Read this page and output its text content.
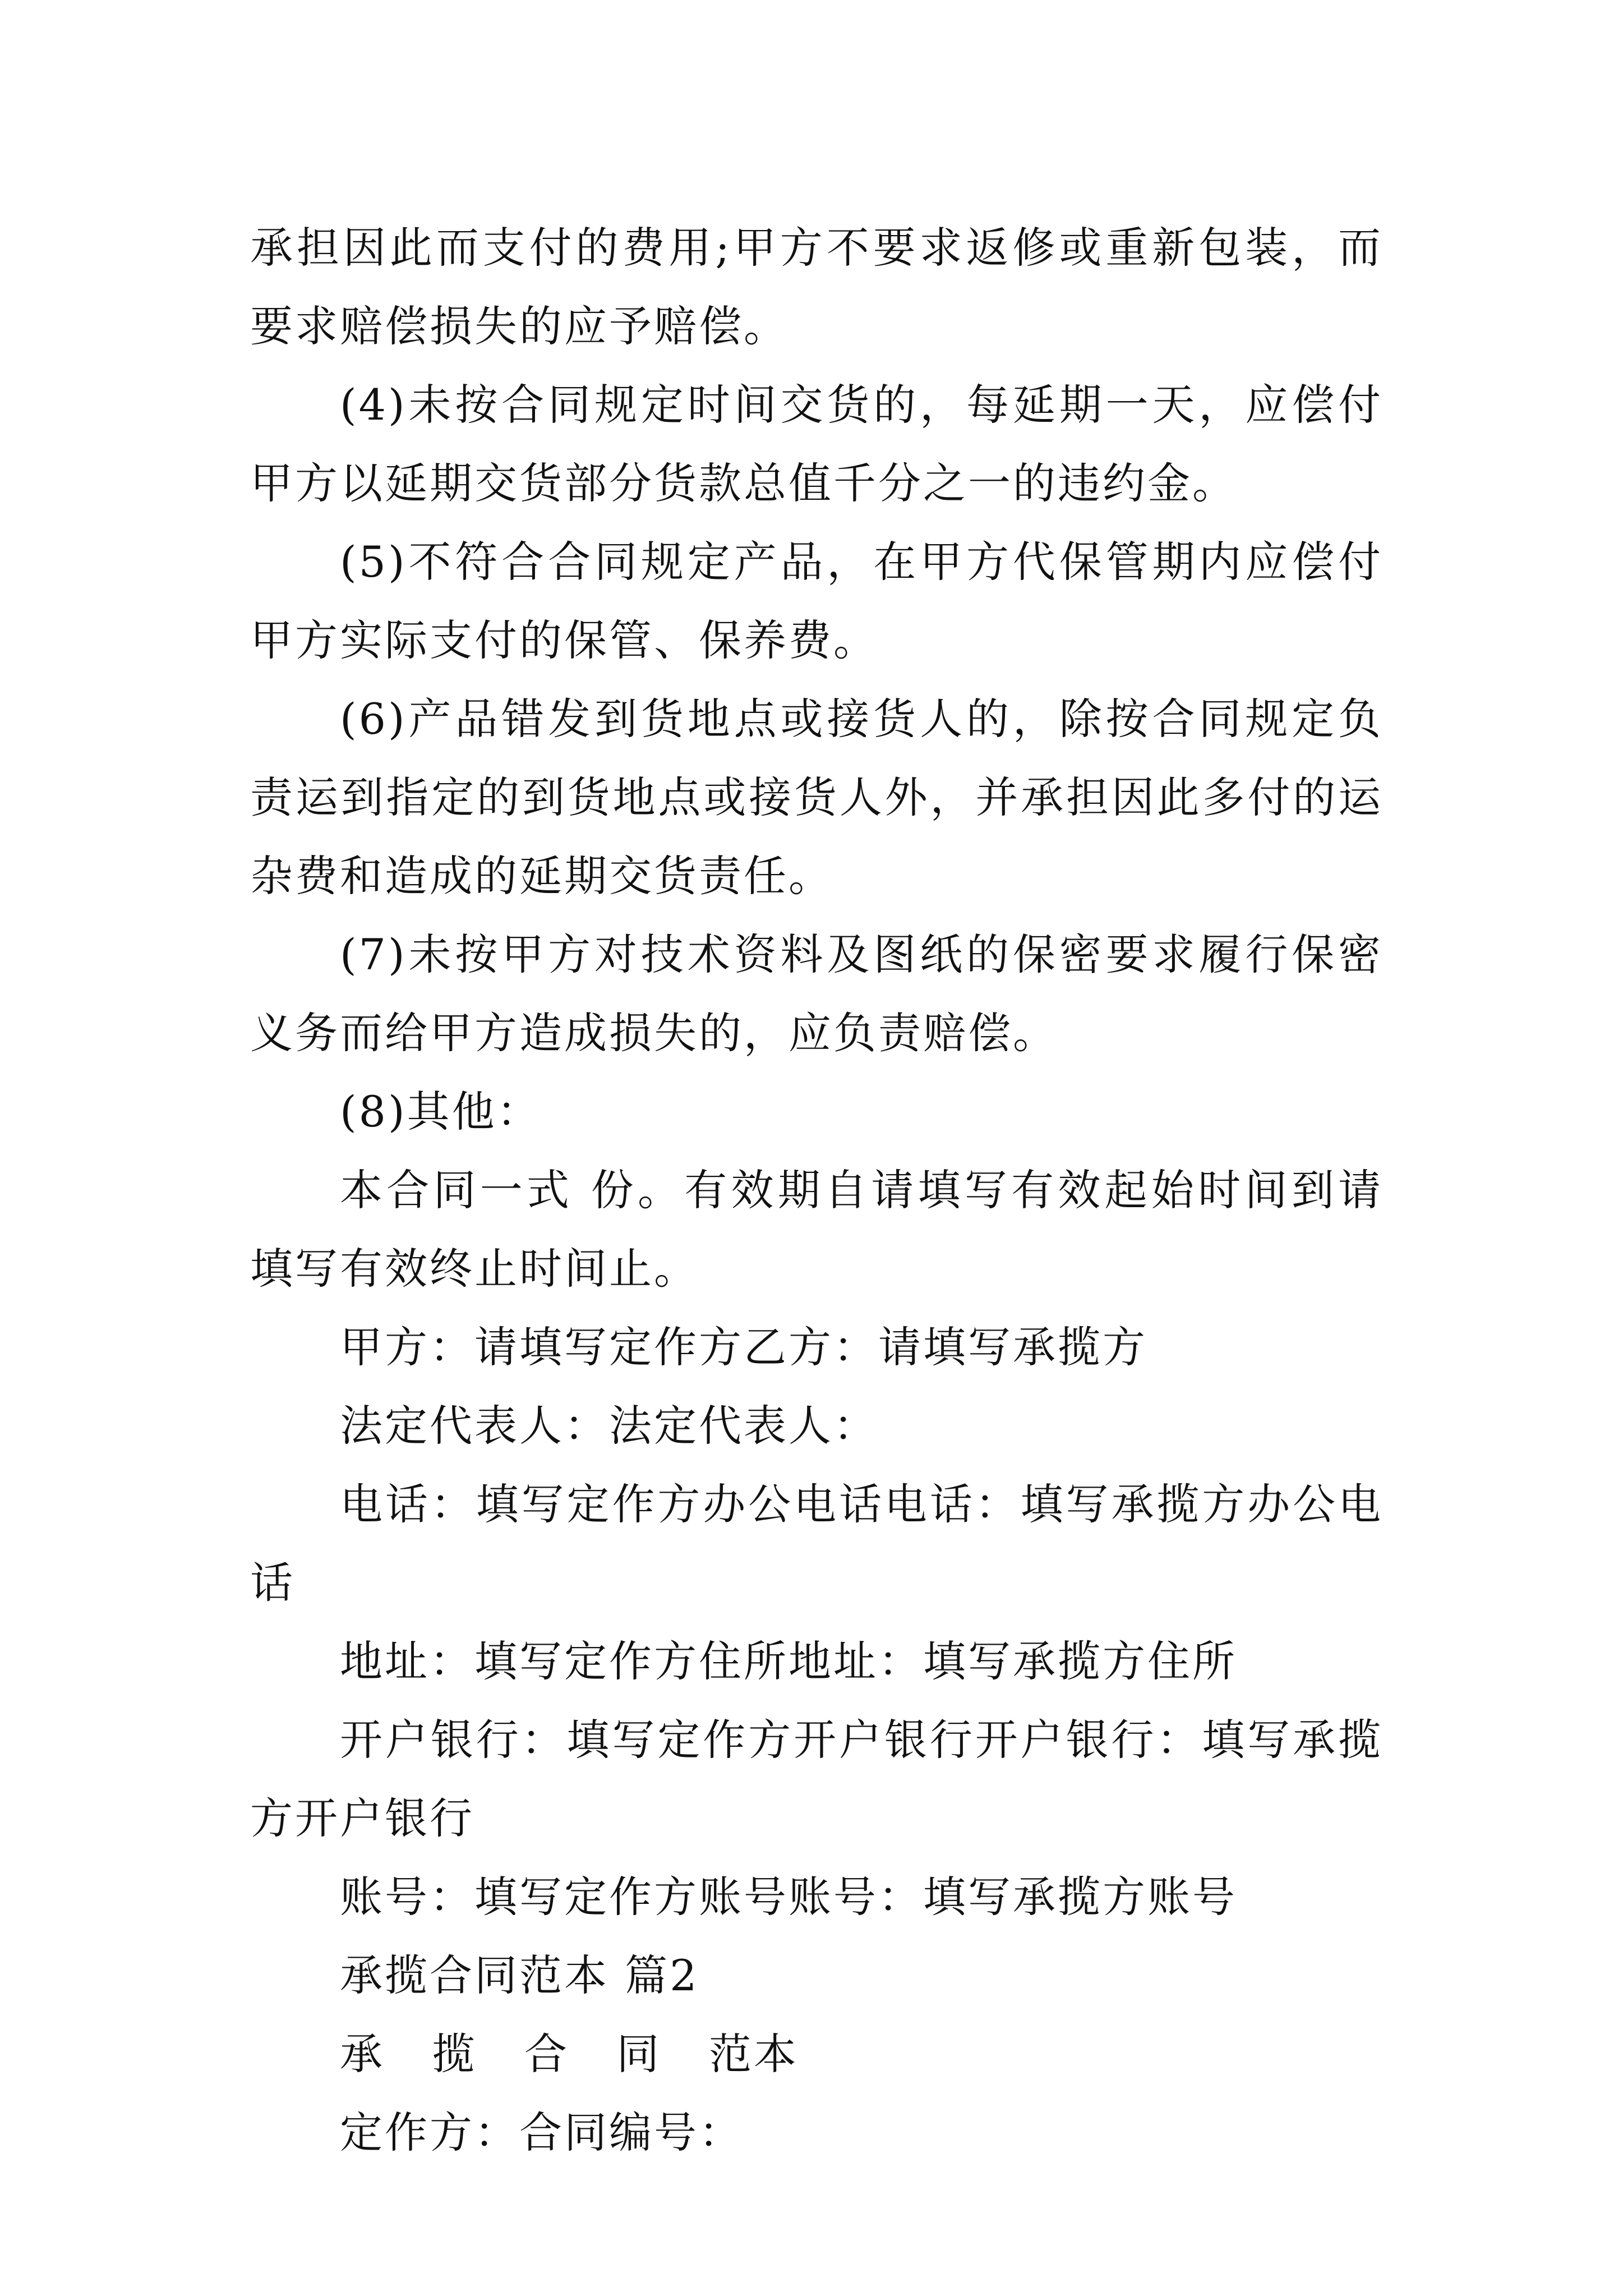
承担因此而支付的费用;甲方不要求返修或重新包装，而要求赔偿损失的应予赔偿。

(4)未按合同规定时间交货的，每延期一天，应偿付甲方以延期交货部分货款总值千分之一的违约金。

(5)不符合合同规定产品，在甲方代保管期内应偿付甲方实际支付的保管、保养费。

(6)产品错发到货地点或接货人的，除按合同规定负责运到指定的到货地点或接货人外，并承担因此多付的运杂费和造成的延期交货责任。

(7)未按甲方对技术资料及图纸的保密要求履行保密义务而给甲方造成损失的，应负责赔偿。

(8)其他：

本合同一式 份。有效期自请填写有效起始时间到请填写有效终止时间止。

甲方：请填写定作方乙方：请填写承揽方

法定代表人：法定代表人：

电话：填写定作方办公电话电话：填写承揽方办公电话

地址：填写定作方住所地址：填写承揽方住所

开户银行：填写定作方开户银行开户银行：填写承揽方开户银行

账号：填写定作方账号账号：填写承揽方账号

承揽合同范本 篇2

承   揽   合   同   范本

定作方：合同编号：
